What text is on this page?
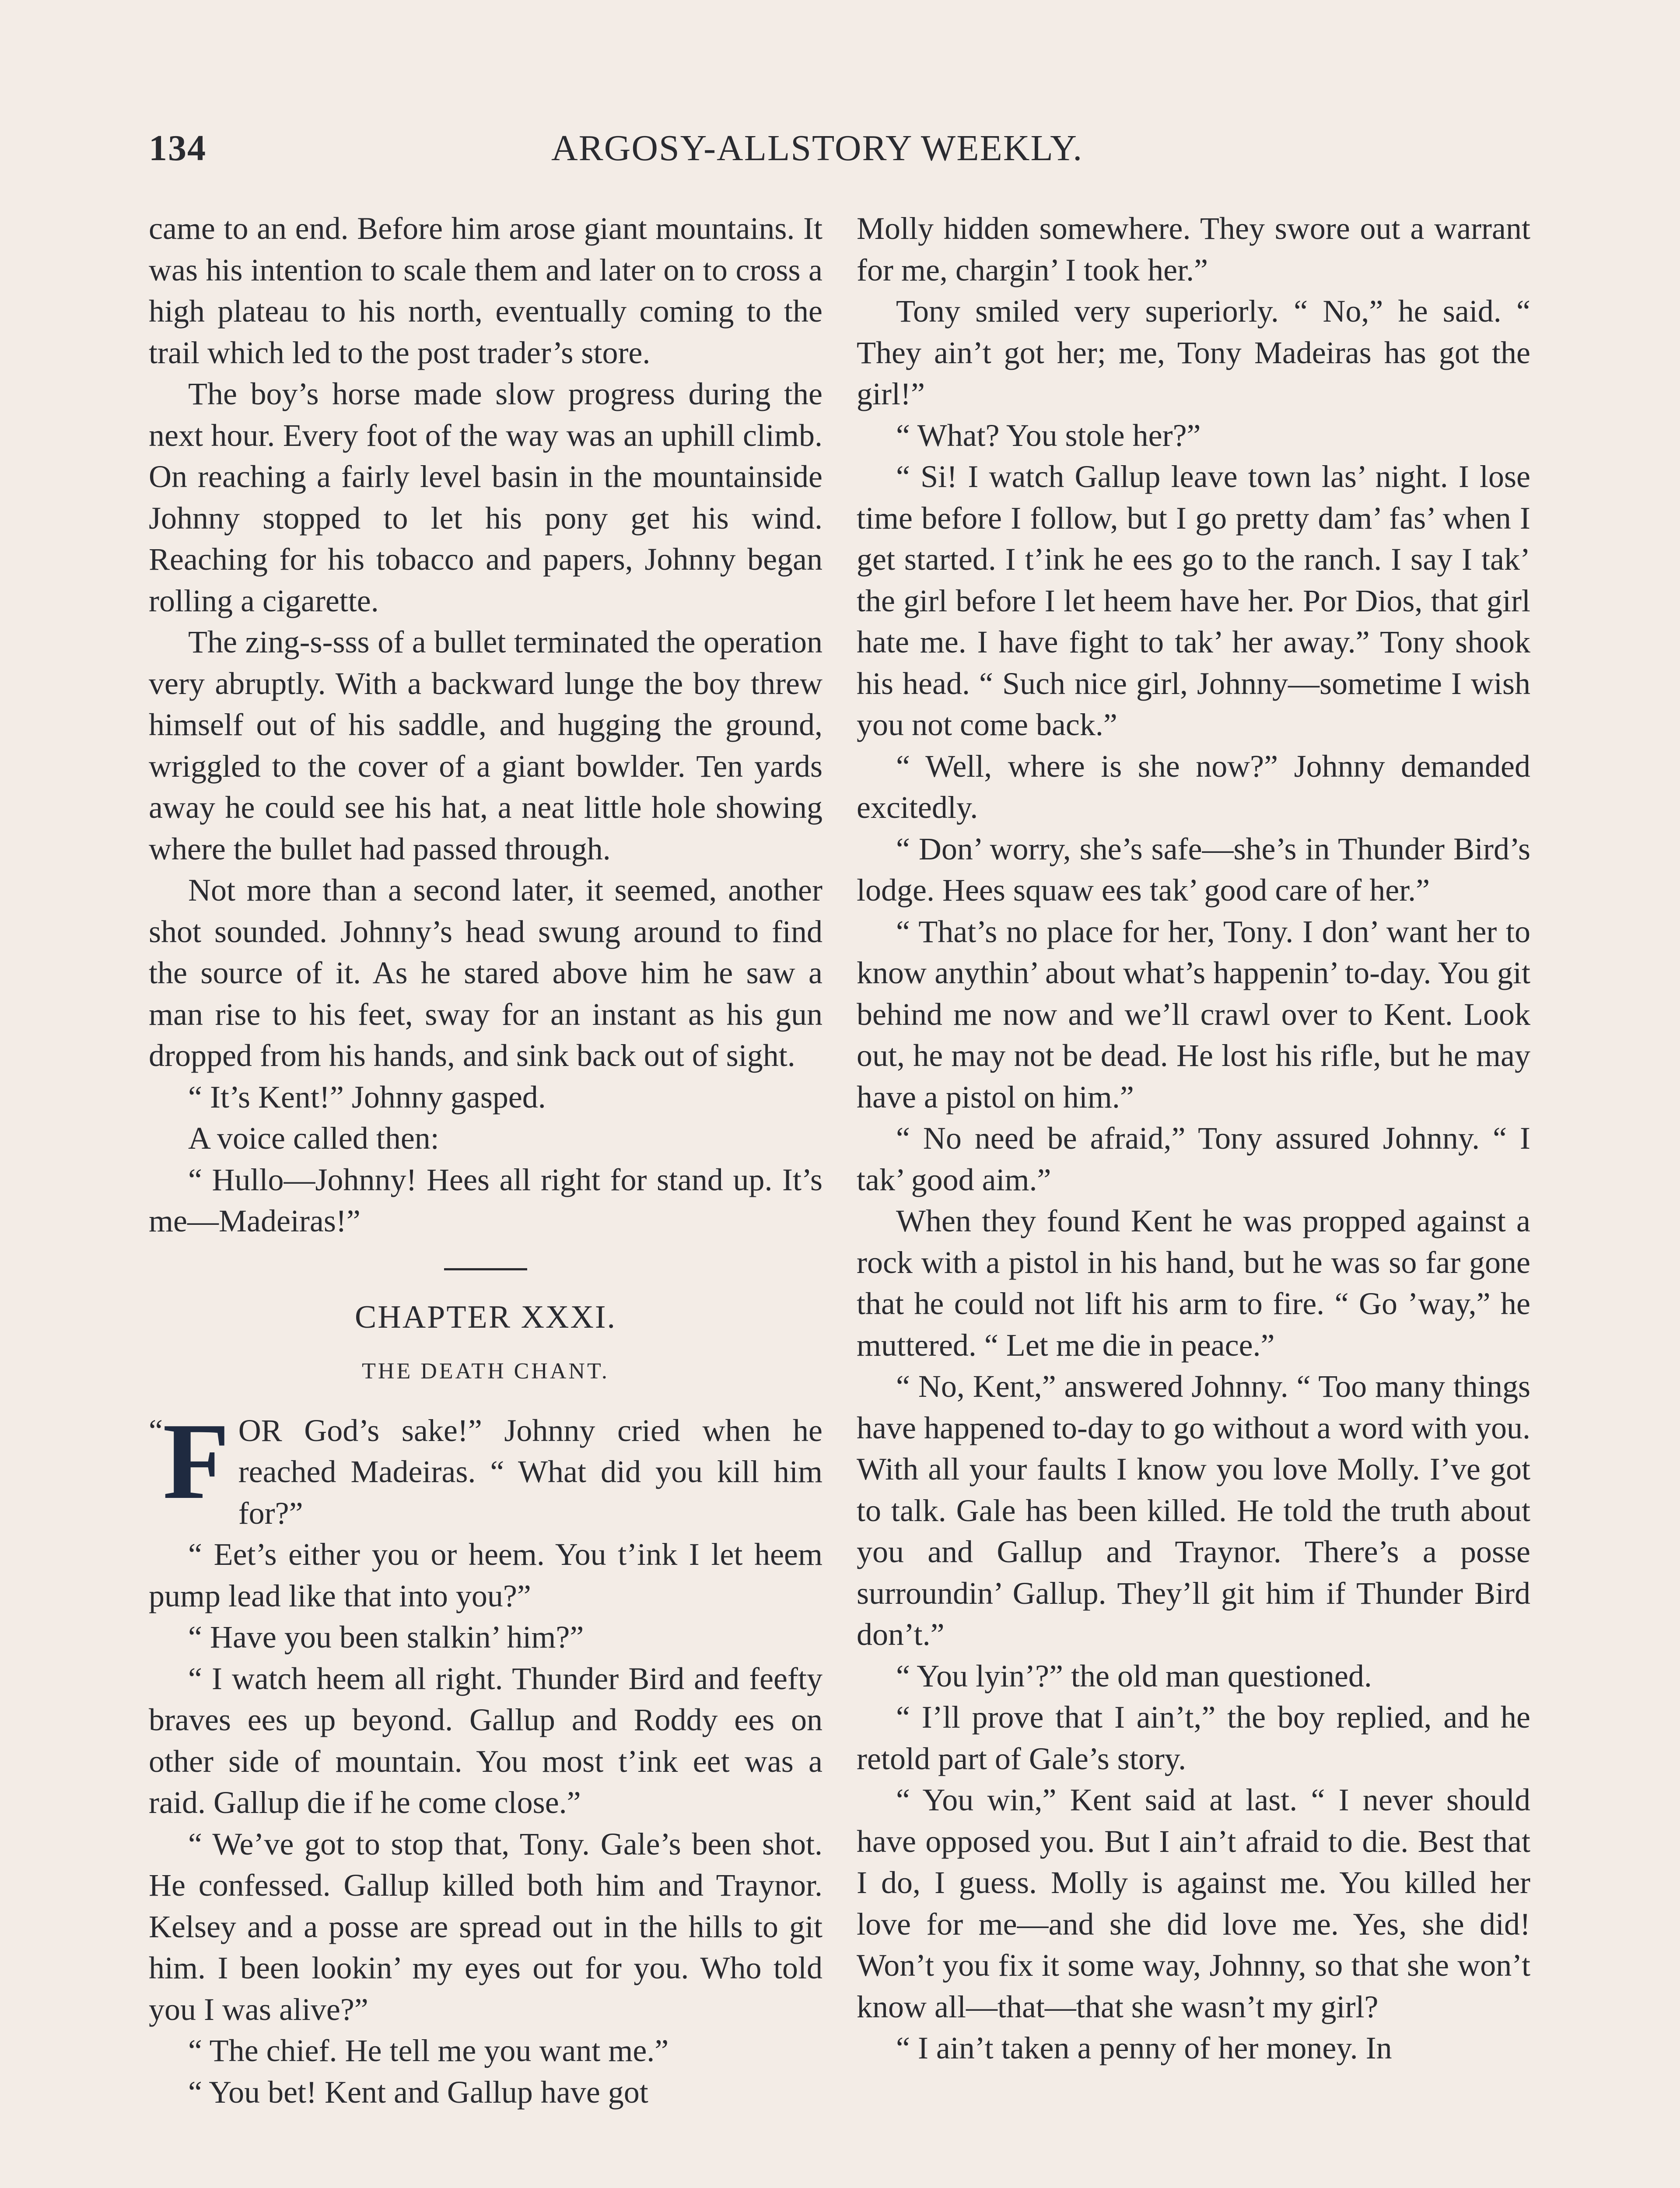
134	ARGOSY-ALLSTORY WEEKLY.

came to an end. Before him arose giant mountains. It was his intention to scale them and later on to cross a high plateau to his north, eventually coming to the trail which led to the post trader’s store.

The boy’s horse made slow progress during the next hour. Every foot of the way was an uphill climb. On reaching a fairly level basin in the mountainside Johnny stopped to let his pony get his wind. Reaching for his tobacco and papers, Johnny began rolling a cigarette.

The zing-s-sss of a bullet terminated the operation very abruptly. With a backward lunge the boy threw himself out of his saddle, and hugging the ground, wriggled to the cover of a giant bowlder. Ten yards away he could see his hat, a neat little hole showing where the bullet had passed through.

Not more than a second later, it seemed, another shot sounded. Johnny’s head swung around to find the source of it. As he stared above him he saw a man rise to his feet, sway for an instant as his gun dropped from his hands, and sink back out of sight.

“ It’s Kent!” Johnny gasped.

A voice called then:

“ Hullo—Johnny! Hees all right for stand up. It’s me—Madeiras!”

CHAPTER XXXI.
THE DEATH CHANT.

“ F OR God’s sake!” Johnny cried when he reached Madeiras. “ What did you kill him for?”

“ Eet’s either you or heem. You t’ink I let heem pump lead like that into you?”

“ Have you been stalkin’ him?”

“ I watch heem all right. Thunder Bird and feefty braves ees up beyond. Gallup and Roddy ees on other side of mountain. You most t’ink eet was a raid. Gallup die if he come close.”

“ We’ve got to stop that, Tony. Gale’s been shot. He confessed. Gallup killed both him and Traynor. Kelsey and a posse are spread out in the hills to git him. I been lookin’ my eyes out for you. Who told you I was alive?”

“ The chief. He tell me you want me.”

“ You bet! Kent and Gallup have got

Molly hidden somewhere. They swore out a warrant for me, chargin’ I took her.”

Tony smiled very superiorly. “ No,” he said. “ They ain’t got her; me, Tony Madeiras has got the girl!”

“ What? You stole her?”

“ Si! I watch Gallup leave town las’ night. I lose time before I follow, but I go pretty dam’ fas’ when I get started. I t’ink he ees go to the ranch. I say I tak’ the girl before I let heem have her. Por Dios, that girl hate me. I have fight to tak’ her away.” Tony shook his head. “ Such nice girl, Johnny—sometime I wish you not come back.”

“ Well, where is she now?” Johnny demanded excitedly.

“ Don’ worry, she’s safe—she’s in Thunder Bird’s lodge. Hees squaw ees tak’ good care of her.”

“ That’s no place for her, Tony. I don’ want her to know anythin’ about what’s happenin’ to-day. You git behind me now and we’ll crawl over to Kent. Look out, he may not be dead. He lost his rifle, but he may have a pistol on him.”

“ No need be afraid,” Tony assured Johnny. “ I tak’ good aim.”

When they found Kent he was propped against a rock with a pistol in his hand, but he was so far gone that he could not lift his arm to fire. “ Go ’way,” he muttered. “ Let me die in peace.”

“ No, Kent,” answered Johnny. “ Too many things have happened to-day to go without a word with you. With all your faults I know you love Molly. I’ve got to talk. Gale has been killed. He told the truth about you and Gallup and Traynor. There’s a posse surroundin’ Gallup. They’ll git him if Thunder Bird don’t.”

“ You lyin’?” the old man questioned.

“ I’ll prove that I ain’t,” the boy replied, and he retold part of Gale’s story.

“ You win,” Kent said at last. “ I never should have opposed you. But I ain’t afraid to die. Best that I do, I guess. Molly is against me. You killed her love for me—and she did love me. Yes, she did! Won’t you fix it some way, Johnny, so that she won’t know all—that—that she wasn’t my girl?

“ I ain’t taken a penny of her money. In
